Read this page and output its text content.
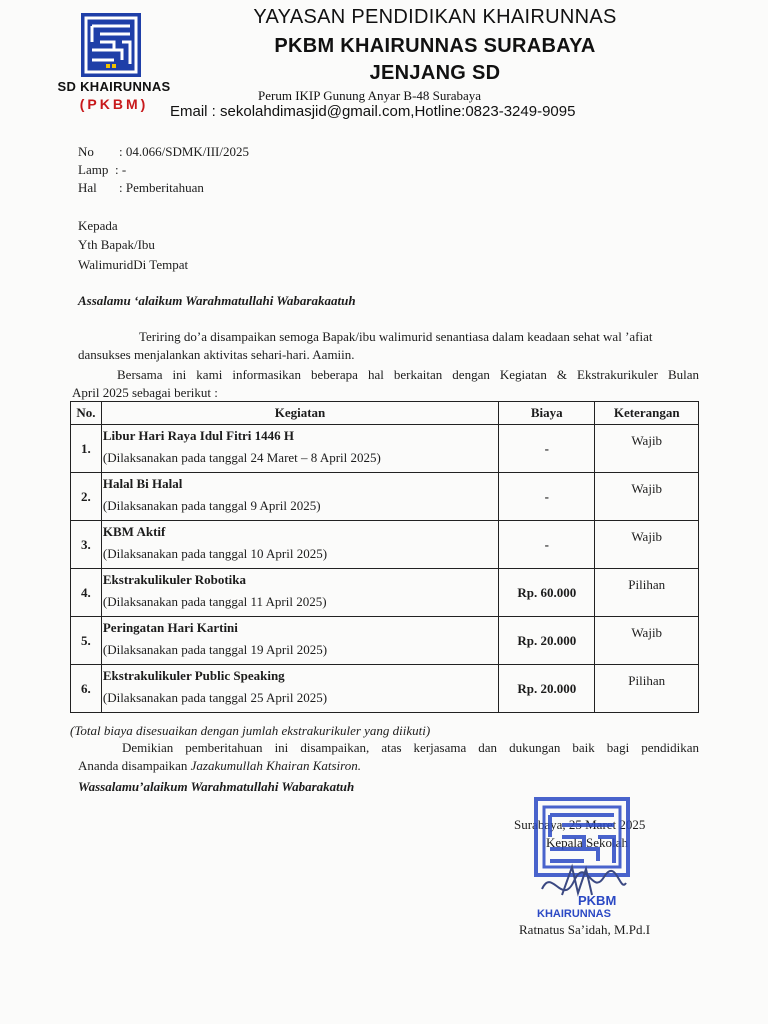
SD KHAIRUNNAS
(PKBM)
YAYASAN PENDIDIKAN KHAIRUNNAS
PKBM KHAIRUNNAS SURABAYA
JENJANG SD
Perum IKIP Gunung Anyar B-48 Surabaya
Email : sekolahdimasjid@gmail.com,Hotline:0823-3249-9095
No : 04.066/SDMK/III/2025
Lamp : -
Hal : Pemberitahuan
Kepada
Yth Bapak/Ibu
WalimuridDi Tempat
Assalamu ‘alaikum Warahmatullahi Wabarakaatuh
Teriring do’a disampaikan semoga Bapak/ibu walimurid senantiasa dalam keadaan sehat wal ’afiat
dansukses menjalankan aktivitas sehari-hari. Aamiin.
Bersama ini kami informasikan beberapa hal berkaitan dengan Kegiatan & Ekstrakurikuler Bulan
April 2025 sebagai berikut :
No.	Kegiatan	Biaya	Keterangan
1.	Libur Hari Raya Idul Fitri 1446 H
(Dilaksanakan pada tanggal 24 Maret – 8 April 2025)	-	Wajib

2.	Halal Bi Halal
(Dilaksanakan pada tanggal 9 April 2025)	-	Wajib

3.	KBM Aktif
(Dilaksanakan pada tanggal 10 April 2025)	-	Wajib

4.	Ekstrakulikuler Robotika
(Dilaksanakan pada tanggal 11 April 2025)	Rp. 60.000	Pilihan

5.	Peringatan Hari Kartini
(Dilaksanakan pada tanggal 19 April 2025)	Rp. 20.000	Wajib

6.	Ekstrakulikuler Public Speaking
(Dilaksanakan pada tanggal 25 April 2025)	Rp. 20.000	Pilihan
(Total biaya disesuaikan dengan jumlah ekstrakurikuler yang diikuti)
Demikian pemberitahuan ini disampaikan, atas kerjasama dan dukungan baik bagi pendidikan
Ananda disampaikan Jazakumullah Khairan Katsiron.
Wassalamu’alaikum Warahmatullahi Wabarakatuh
Surabaya, 25 Maret 2025
Kepala Sekolah
PKBM
KHAIRUNNAS
Ratnatus Sa’idah, M.Pd.I
